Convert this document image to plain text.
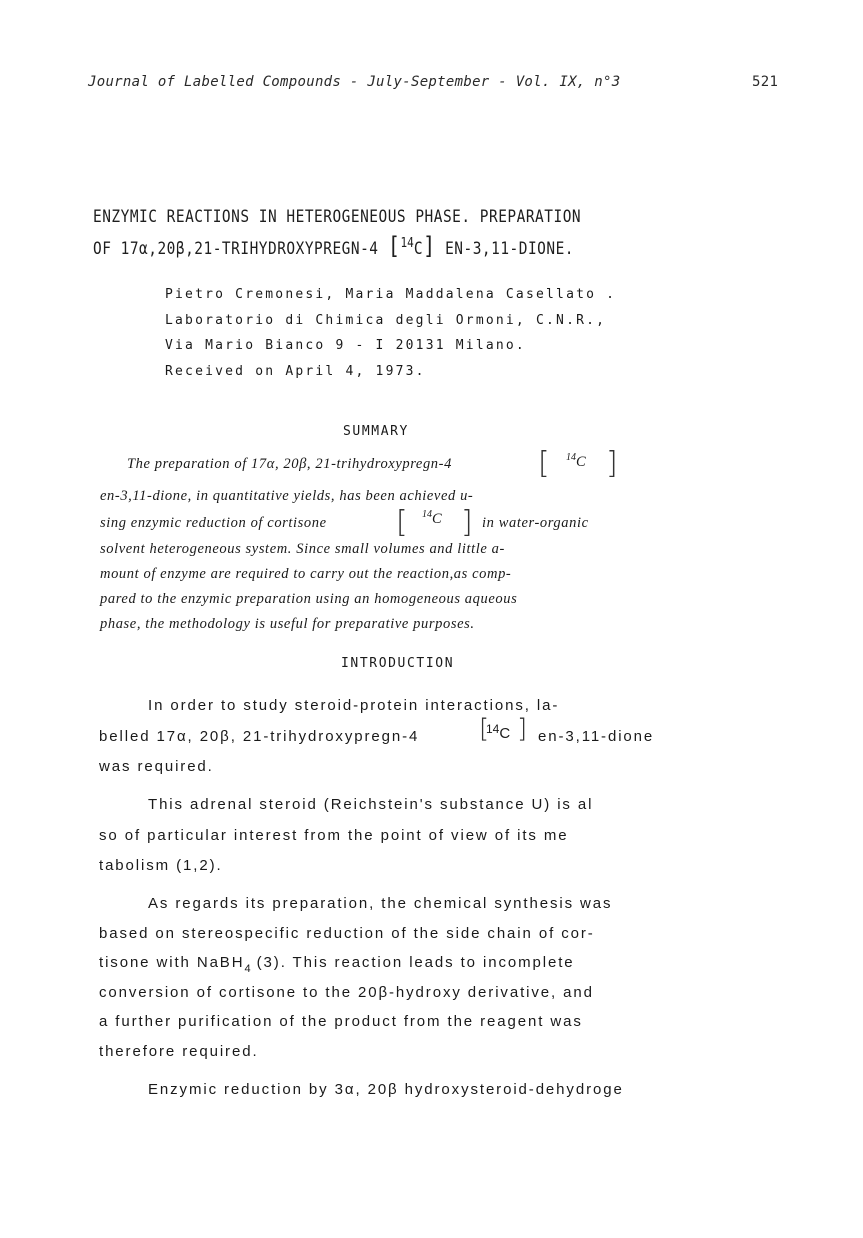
Journal of Labelled Compounds - July-September - Vol. IX, n°3	521
ENZYMIC REACTIONS IN HETEROGENEOUS PHASE. PREPARATION
OF 17α,20β,21-TRIHYDROXYPREGN-4 [$^{14}$C] EN-3,11-DIONE.
Pietro Cremonesi, Maria Maddalena Casellato .
Laboratorio di Chimica degli Ormoni, C.N.R.,
Via Mario Bianco 9 - I 20131 Milano.
Received on April 4, 1973.
SUMMARY
The preparation of 17α, 20β, 21-trihydroxypregn-4	[ $^{14}$C ]
en-3,11-dione, in quantitative yields, has been achieved u-
sing enzymic reduction of cortisone [ $^{14}$C ] in water-organic
solvent heterogeneous system. Since small volumes and little a-
mount of enzyme are required to carry out the reaction,as comp-
pared to the enzymic preparation using an homogeneous aqueous
phase, the methodology is useful for preparative purposes.
INTRODUCTION
In order to study steroid-protein interactions, la-
belled 17α, 20β, 21-trihydroxypregn-4 [
$^{14}$C ] en-3,11-dione
was required.
This adrenal steroid (Reichstein's substance U) is al
so of particular interest from the point of view of its me
tabolism (1,2).
As regards its preparation, the chemical synthesis was
based on stereospecific reduction of the side chain of cor-
tisone with NaBH$_4$ (3). This reaction leads to incomplete
conversion of cortisone to the 20β-hydroxy derivative, and
a further purification of the product from the reagent was
therefore required.
Enzymic reduction by 3α, 20β hydroxysteroid-dehydroge
